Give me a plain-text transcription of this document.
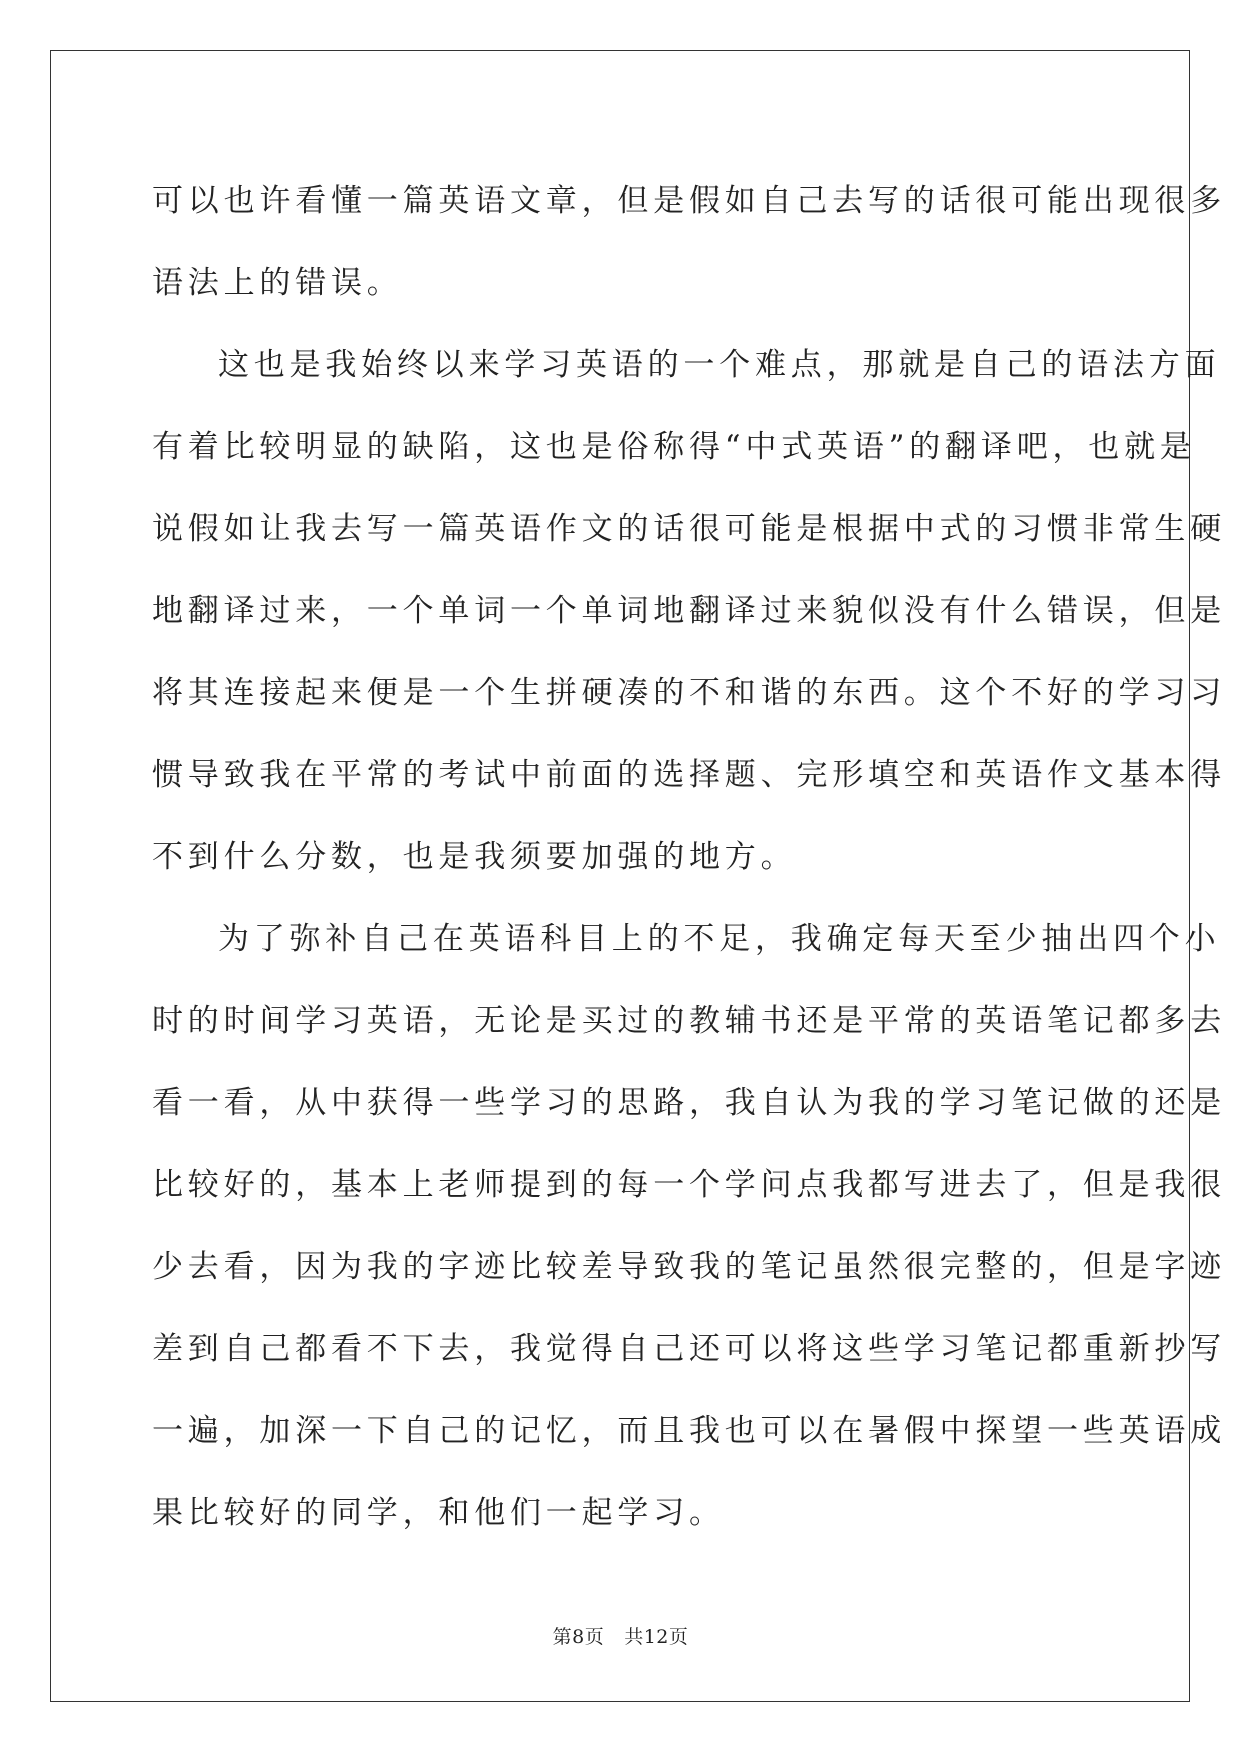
可以也许看懂一篇英语文章，但是假如自己去写的话很可能出现很多
语法上的错误。
这也是我始终以来学习英语的一个难点，那就是自己的语法方面
有着比较明显的缺陷，这也是俗称得“中式英语”的翻译吧，也就是
说假如让我去写一篇英语作文的话很可能是根据中式的习惯非常生硬
地翻译过来，一个单词一个单词地翻译过来貌似没有什么错误，但是
将其连接起来便是一个生拼硬凑的不和谐的东西。这个不好的学习习
惯导致我在平常的考试中前面的选择题、完形填空和英语作文基本得
不到什么分数，也是我须要加强的地方。
为了弥补自己在英语科目上的不足，我确定每天至少抽出四个小
时的时间学习英语，无论是买过的教辅书还是平常的英语笔记都多去
看一看，从中获得一些学习的思路，我自认为我的学习笔记做的还是
比较好的，基本上老师提到的每一个学问点我都写进去了，但是我很
少去看，因为我的字迹比较差导致我的笔记虽然很完整的，但是字迹
差到自己都看不下去，我觉得自己还可以将这些学习笔记都重新抄写
一遍，加深一下自己的记忆，而且我也可以在暑假中探望一些英语成
果比较好的同学，和他们一起学习。
第8页 共12页
